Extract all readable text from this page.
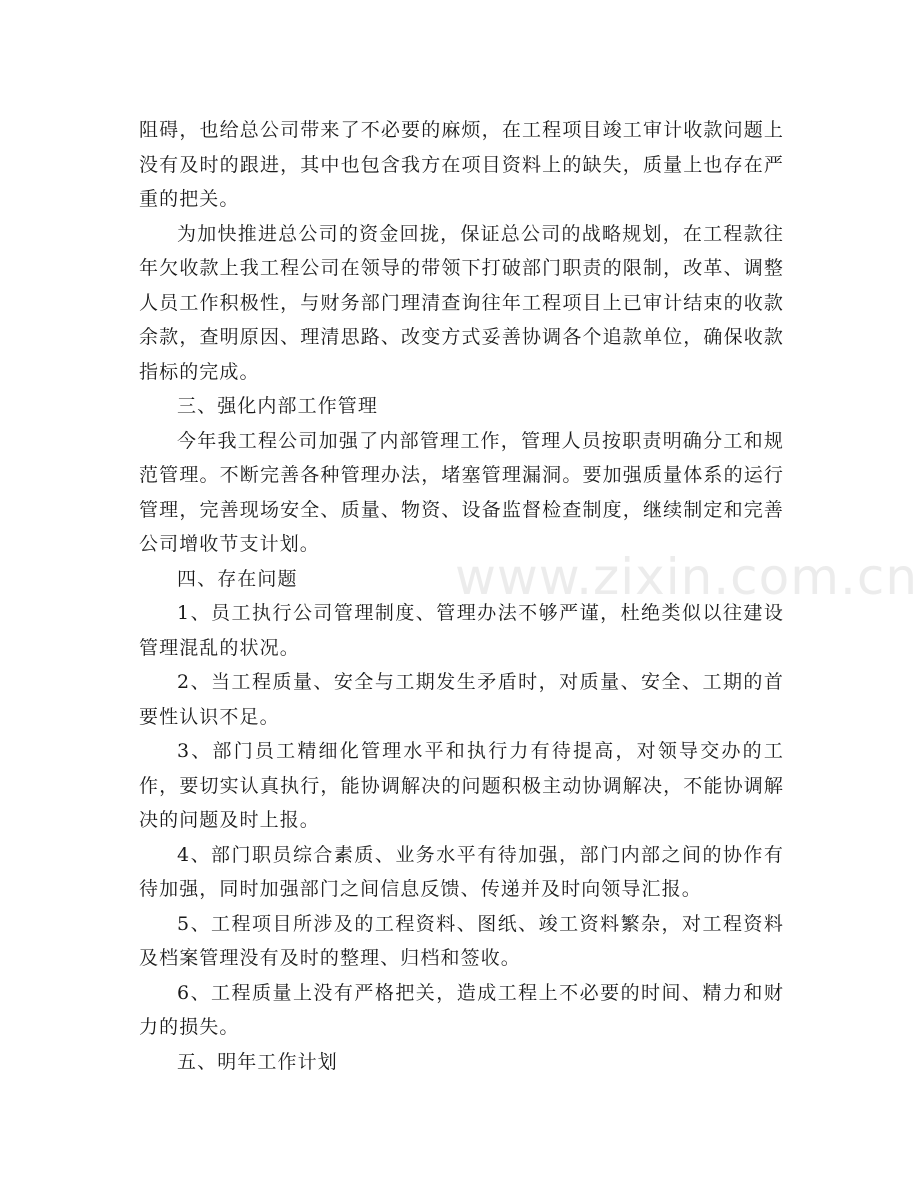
阻碍，也给总公司带来了不必要的麻烦，在工程项目竣工审计收款问题上没有及时的跟进，其中也包含我方在项目资料上的缺失，质量上也存在严重的把关。

为加快推进总公司的资金回拢，保证总公司的战略规划，在工程款往年欠收款上我工程公司在领导的带领下打破部门职责的限制，改革、调整人员工作积极性，与财务部门理清查询往年工程项目上已审计结束的收款余款，查明原因、理清思路、改变方式妥善协调各个追款单位，确保收款指标的完成。

三、强化内部工作管理

今年我工程公司加强了内部管理工作，管理人员按职责明确分工和规范管理。不断完善各种管理办法，堵塞管理漏洞。要加强质量体系的运行管理，完善现场安全、质量、物资、设备监督检查制度，继续制定和完善公司增收节支计划。

四、存在问题

1、员工执行公司管理制度、管理办法不够严谨，杜绝类似以往建设管理混乱的状况。

2、当工程质量、安全与工期发生矛盾时，对质量、安全、工期的首要性认识不足。

3、部门员工精细化管理水平和执行力有待提高，对领导交办的工作，要切实认真执行，能协调解决的问题积极主动协调解决，不能协调解决的问题及时上报。

4、部门职员综合素质、业务水平有待加强，部门内部之间的协作有待加强，同时加强部门之间信息反馈、传递并及时向领导汇报。

5、工程项目所涉及的工程资料、图纸、竣工资料繁杂，对工程资料及档案管理没有及时的整理、归档和签收。

6、工程质量上没有严格把关，造成工程上不必要的时间、精力和财力的损失。

五、明年工作计划

www.zixin.com.cn
